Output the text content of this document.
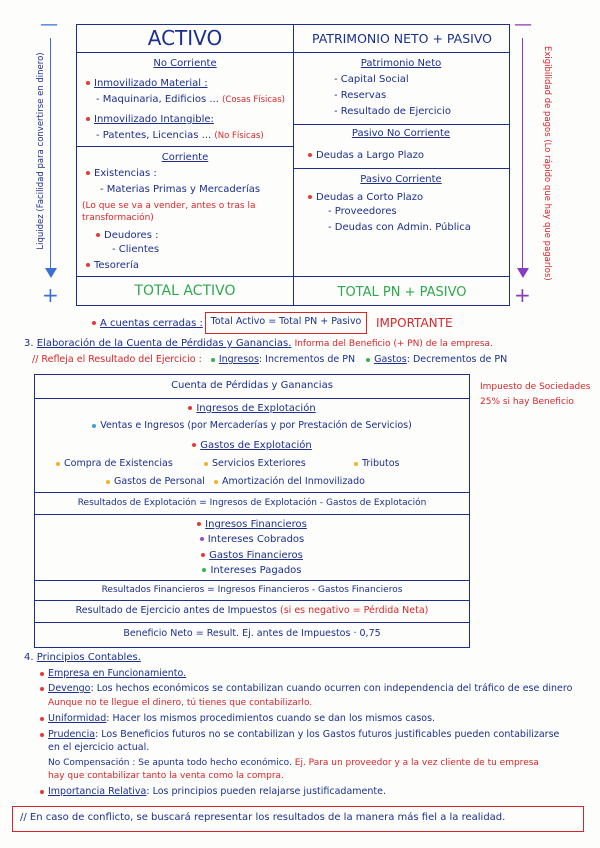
—
+
Liquidez (Facilidad para convertirse en dinero)
—
+
Exigibilidad de pagos (Lo rápido que hay que pagarlos)
ACTIVO	PATRIMONIO NETO + PASIVO
No Corriente
Inmovilizado Material :
- Maquinaria, Edificios ... (Cosas Físicas)
Inmovilizado Intangible:
- Patentes, Licencias ... (No Físicas)
Corriente
Existencias :
- Materias Primas y Mercaderías
(Lo que se va a vender, antes o tras la
transformación)
Deudores :
- Clientes
Tesorería
Patrimonio Neto
- Capital Social
- Reservas
- Resultado de Ejercicio
Pasivo No Corriente
Deudas a Largo Plazo
Pasivo Corriente
Deudas a Corto Plazo
- Proveedores
- Deudas con Admin. Pública
TOTAL ACTIVO	TOTAL PN + PASIVO
A cuentas cerradas : Total Activo = Total PN + Pasivo	IMPORTANTE
3. Elaboración de la Cuenta de Pérdidas y Ganancias. Informa del Beneficio (+ PN) de la empresa.
// Refleja el Resultado del Ejercicio : Ingresos: Incrementos de PN Gastos: Decrementos de PN
Impuesto de Sociedades
25% si hay Beneficio
Cuenta de Pérdidas y Ganancias
Ingresos de Explotación
Ventas e Ingresos (por Mercaderías y por Prestación de Servicios)
Gastos de Explotación
Compra de Existencias	Servicios Exteriores	Tributos
Gastos de Personal	Amortización del Inmovilizado
Resultados de Explotación = Ingresos de Explotación - Gastos de Explotación
Ingresos Financieros
Intereses Cobrados
Gastos Financieros
Intereses Pagados
Resultados Financieros = Ingresos Financieros - Gastos Financieros
Resultado de Ejercicio antes de Impuestos (si es negativo = Pérdida Neta)
Beneficio Neto = Result. Ej. antes de Impuestos · 0,75
4. Principios Contables.
Empresa en Funcionamiento.
Devengo: Los hechos económicos se contabilizan cuando ocurren con independencia del tráfico de ese dinero
Aunque no te llegue el dinero, tú tienes que contabilizarlo.
Uniformidad: Hacer los mismos procedimientos cuando se dan los mismos casos.
Prudencia: Los Beneficios futuros no se contabilizan y los Gastos futuros justificables pueden contabilizarse
en el ejercicio actual.
No Compensación : Se apunta todo hecho económico. Ej. Para un proveedor y a la vez cliente de tu empresa
hay que contabilizar tanto la venta como la compra.
Importancia Relativa: Los principios pueden relajarse justificadamente.
// En caso de conflicto, se buscará representar los resultados de la manera más fiel a la realidad.
